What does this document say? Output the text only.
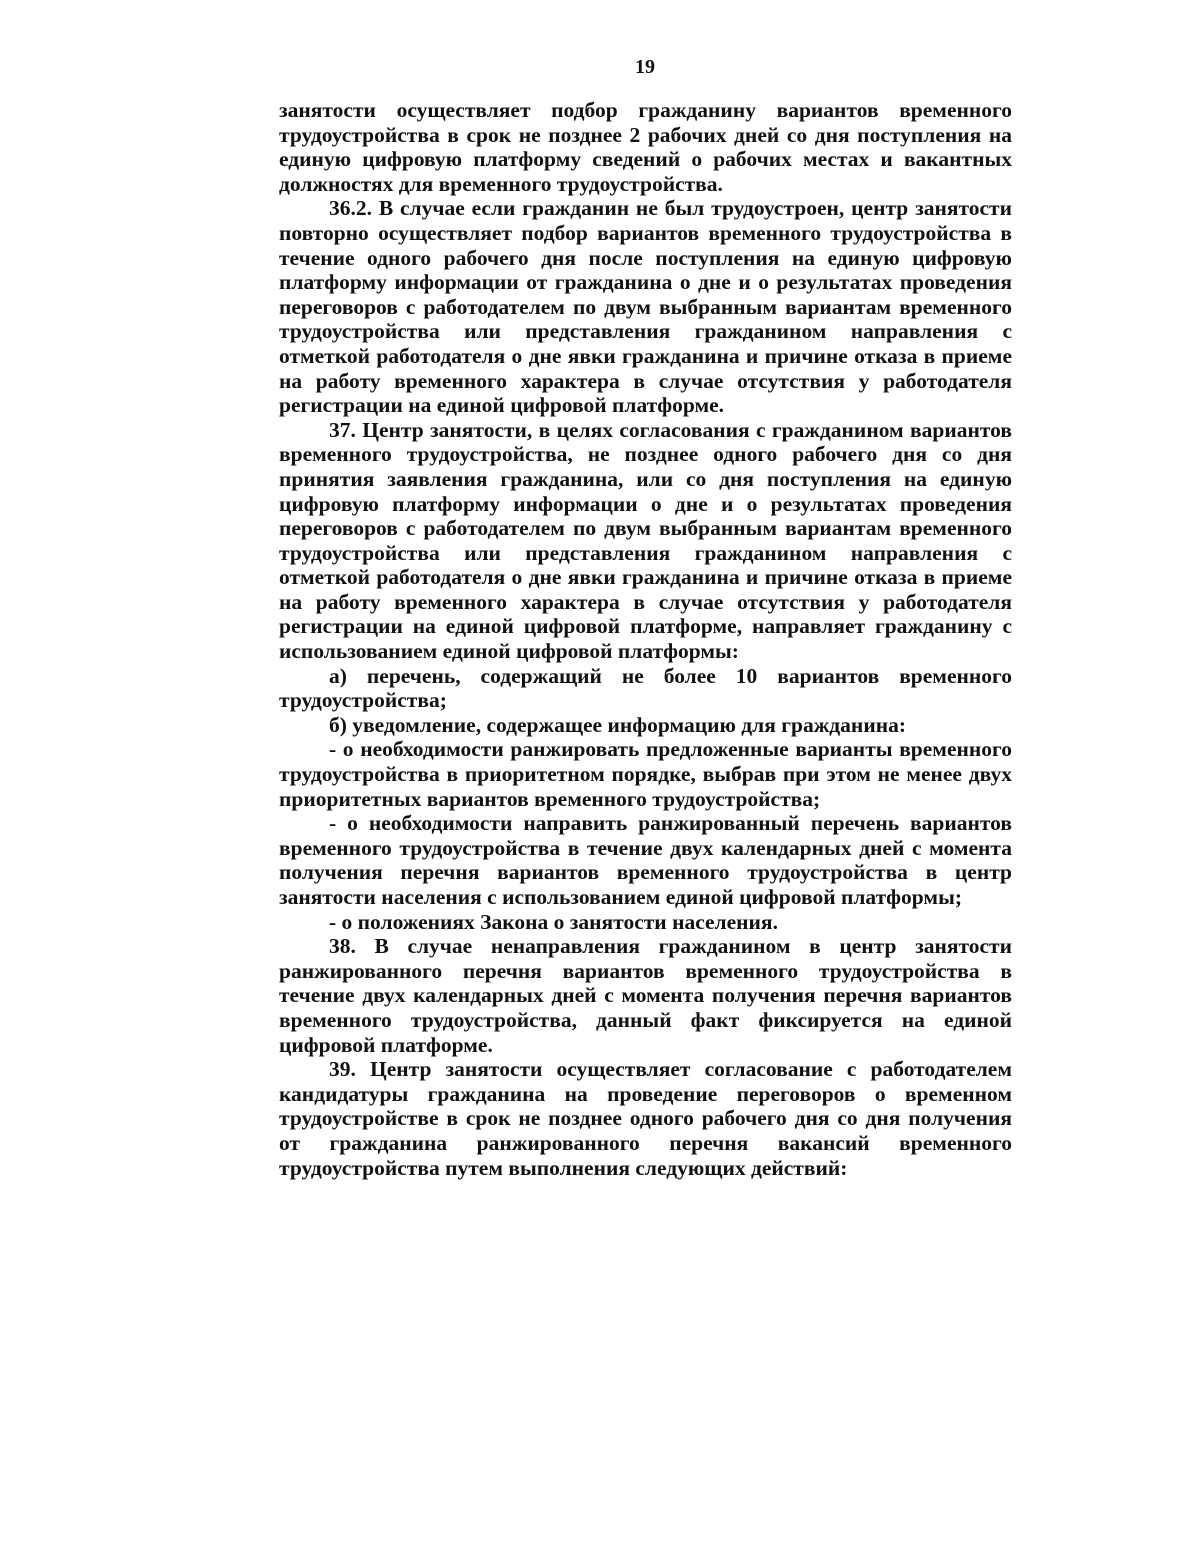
19

занятости осуществляет подбор гражданину вариантов временного трудоустройства в срок не позднее 2 рабочих дней со дня поступления на единую цифровую платформу сведений о рабочих местах и вакантных должностях для временного трудоустройства.

36.2. В случае если гражданин не был трудоустроен, центр занятости повторно осуществляет подбор вариантов временного трудоустройства в течение одного рабочего дня после поступления на единую цифровую платформу информации от гражданина о дне и о результатах проведения переговоров с работодателем по двум выбранным вариантам временного трудоустройства или представления гражданином направления с отметкой работодателя о дне явки гражданина и причине отказа в приеме на работу временного характера в случае отсутствия у работодателя регистрации на единой цифровой платформе.

37. Центр занятости, в целях согласования с гражданином вариантов временного трудоустройства, не позднее одного рабочего дня со дня принятия заявления гражданина, или со дня поступления на единую цифровую платформу информации о дне и о результатах проведения переговоров с работодателем по двум выбранным вариантам временного трудоустройства или представления гражданином направления с отметкой работодателя о дне явки гражданина и причине отказа в приеме на работу временного характера в случае отсутствия у работодателя регистрации на единой цифровой платформе, направляет гражданину с использованием единой цифровой платформы:

а) перечень, содержащий не более 10 вариантов временного трудоустройства;

б) уведомление, содержащее информацию для гражданина:

- о необходимости ранжировать предложенные варианты временного трудоустройства в приоритетном порядке, выбрав при этом не менее двух приоритетных вариантов временного трудоустройства;

- о необходимости направить ранжированный перечень вариантов временного трудоустройства в течение двух календарных дней с момента получения перечня вариантов временного трудоустройства в центр занятости населения с использованием единой цифровой платформы;

- о положениях Закона о занятости населения.

38. В случае ненаправления гражданином в центр занятости ранжированного перечня вариантов временного трудоустройства в течение двух календарных дней с момента получения перечня вариантов временного трудоустройства, данный факт фиксируется на единой цифровой платформе.

39. Центр занятости осуществляет согласование с работодателем кандидатуры гражданина на проведение переговоров о временном трудоустройстве в срок не позднее одного рабочего дня со дня получения от гражданина ранжированного перечня вакансий временного трудоустройства путем выполнения следующих действий:
